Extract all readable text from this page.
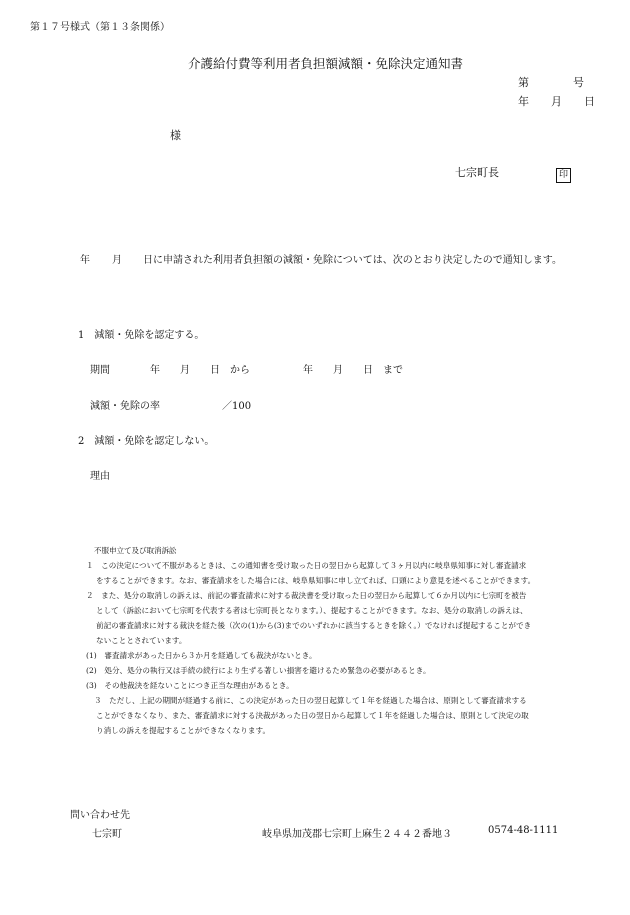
第１７号様式（第１３条関係）
介護給付費等利用者負担額減額・免除決定通知書
第　　　　号
年　　月　　日
様
七宗町長	印
年 月 日に申請された利用者負担額の減額・免除については、次のとおり決定したので通知します。
1　減額・免除を認定する。
期間	年　　月　　日　から	年　　月　　日　まで
減額・免除の率	／100
2　減額・免除を認定しない。
理由
不服申立て及び取消訴訟
１　この決定について不服があるときは、この通知書を受け取った日の翌日から起算して３ヶ月以内に岐阜県知事に対し審査請求
をすることができます。なお、審査請求をした場合には、岐阜県知事に申し立てれば、口頭により意見を述べることができます。
２　また、処分の取消しの訴えは、前記の審査請求に対する裁決書を受け取った日の翌日から起算して６か月以内に七宗町を被告
として（訴訟において七宗町を代表する者は七宗町長となります。）、提起することができます。なお、処分の取消しの訴えは、
前記の審査請求に対する裁決を経た後（次の(1)から(3)までのいずれかに該当するときを除く。）でなければ提起することができ
ないこととされています。
(1)　審査請求があった日から３か月を経過しても裁決がないとき。
(2)　処分、処分の執行又は手続の続行により生ずる著しい損害を避けるため緊急の必要があるとき。
(3)　その他裁決を経ないことにつき正当な理由があるとき。
３　ただし、上記の期間が経過する前に、この決定があった日の翌日起算して１年を経過した場合は、原則として審査請求する
ことができなくなり、また、審査請求に対する決裁があった日の翌日から起算して１年を経過した場合は、原則として決定の取
り消しの訴えを提起することができなくなります。
問い合わせ先
七宗町	岐阜県加茂郡七宗町上麻生２４４２番地３	0574-48-1111
